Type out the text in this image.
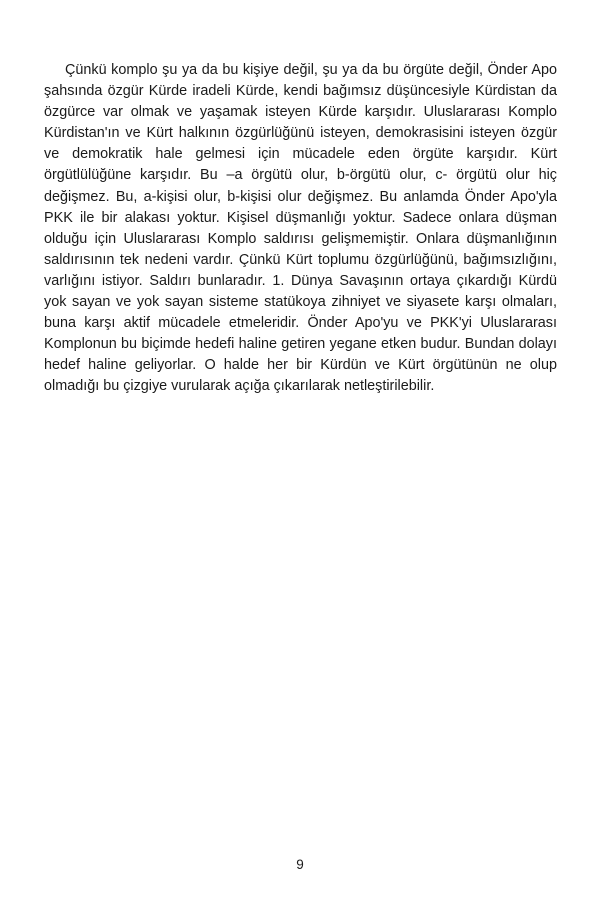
Çünkü komplo şu ya da bu kişiye değil, şu ya da bu örgüte değil, Önder Apo şahsında özgür Kürde iradeli Kürde, kendi bağımsız düşüncesiyle Kürdistan da özgürce var olmak ve yaşamak isteyen Kürde karşıdır. Uluslararası Komplo Kürdistan'ın ve Kürt halkının özgürlüğünü isteyen, demokrasisini isteyen özgür ve demokratik hale gelmesi için mücadele eden örgüte karşıdır. Kürt örgütlülüğüne karşıdır. Bu –a örgütü olur, b-örgütü olur, c- örgütü olur hiç değişmez. Bu, a-kişisi olur, b-kişisi olur değişmez. Bu anlamda Önder Apo'yla PKK ile bir alakası yoktur. Kişisel düşmanlığı yoktur. Sadece onlara düşman olduğu için Uluslararası Komplo saldırısı gelişmemiştir. Onlara düşmanlığının saldırısının tek nedeni vardır. Çünkü Kürt toplumu özgürlüğünü, bağımsızlığını, varlığını istiyor. Saldırı bunlaradır. 1. Dünya Savaşının ortaya çıkardığı Kürdü yok sayan ve yok sayan sisteme statükoya zihniyet ve siyasete karşı olmaları, buna karşı aktif mücadele etmeleridir. Önder Apo'yu ve PKK'yi Uluslararası Komplonun bu biçimde hedefi haline getiren yegane etken budur. Bundan dolayı hedef haline geliyorlar. O halde her bir Kürdün ve Kürt örgütünün ne olup olmadığı bu çizgiye vurularak açığa çıkarılarak netleştirilebilir.

9
